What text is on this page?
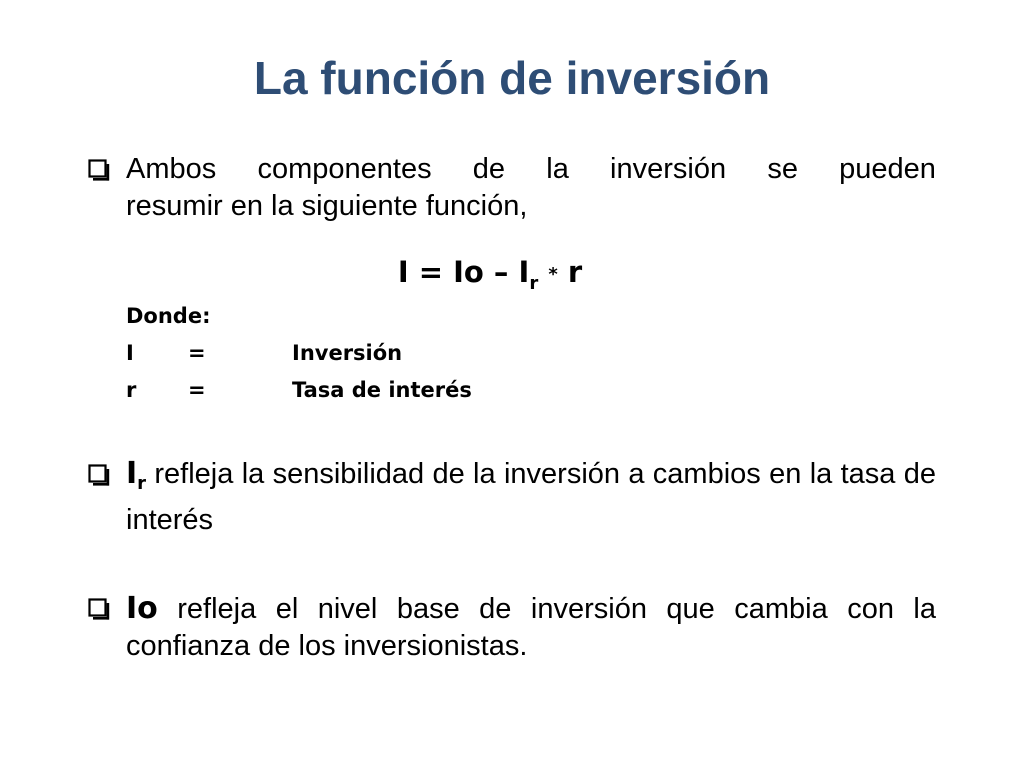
La función de inversión
Ambos componentes de la inversión se pueden
resumir en la siguiente función,
$I = Io - I_r * r$
Donde:
I	=	Inversión
r =	Tasa de interés
$I_r$ refleja la sensibilidad de la inversión a cambios en la tasa de interés
Io refleja el nivel base de inversión que cambia con la confianza de los inversionistas.
